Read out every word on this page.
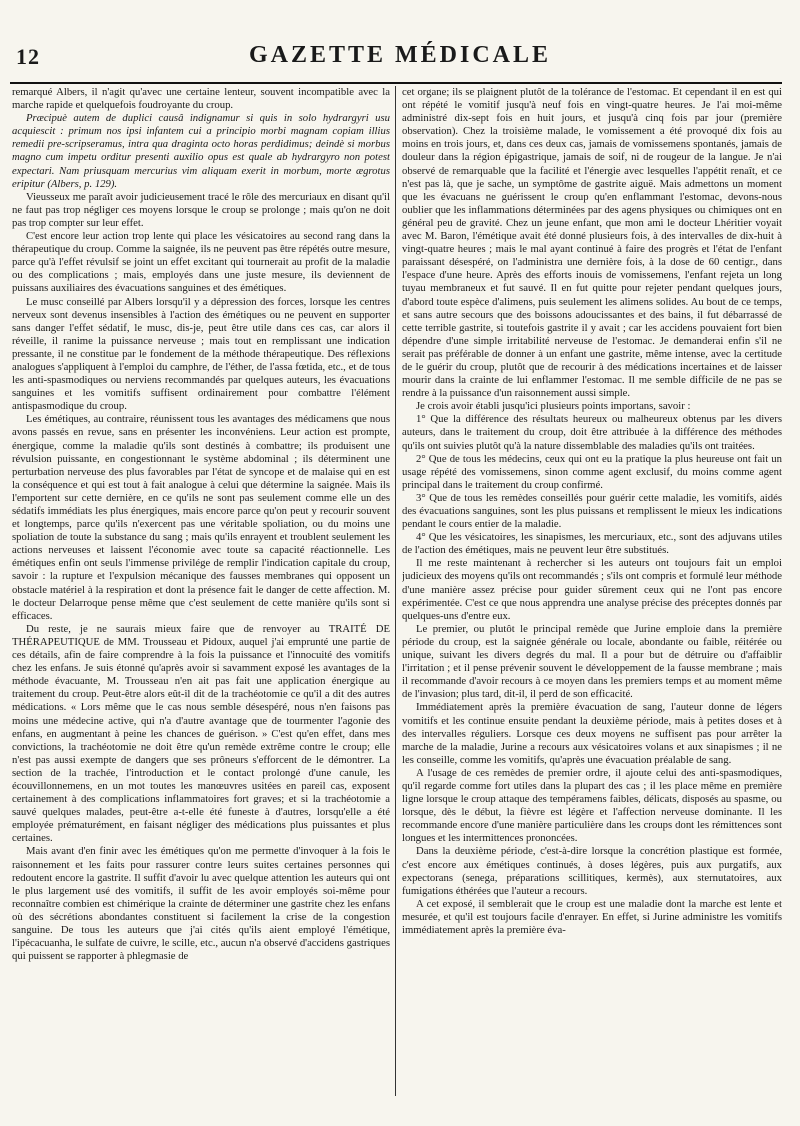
12	GAZETTE MÉDICALE

remarqué Albers, il n'agit qu'avec une certaine lenteur, souvent incompatible avec la marche rapide et quelquefois foudroyante du croup.

Præcipuè autem de duplici causâ indignamur si quis in solo hydrargyri usu acquiescit : primum nos ipsi infantem cui a principio morbi magnam copiam illius remedii pre-scripseramus, intra qua draginta octo horas perdidimus; deindè si morbus magno cum impetu orditur presenti auxilio opus est quale ab hydrargyro non potest expectari. Nam priusquam mercurius vim aliquam exerit in morbum, morte ægrotus eripitur (Albers, p. 129).

Vieusseux me paraît avoir judicieusement tracé le rôle des mercuriaux en disant qu'il ne faut pas trop négliger ces moyens lorsque le croup se prolonge ; mais qu'on ne doit pas trop compter sur leur effet.

C'est encore leur action trop lente qui place les vésicatoires au second rang dans la thérapeutique du croup. Comme la saignée, ils ne peuvent pas être répétés outre mesure, parce qu'à l'effet révulsif se joint un effet excitant qui tournerait au profit de la maladie ou des complications ; mais, employés dans une juste mesure, ils deviennent de puissans auxiliaires des évacuations sanguines et des émétiques.

Le musc conseillé par Albers lorsqu'il y a dépression des forces, lorsque les centres nerveux sont devenus insensibles à l'action des émétiques ou ne peuvent en supporter sans danger l'effet sédatif, le musc, dis-je, peut être utile dans ces cas, car alors il réveille, il ranime la puissance nerveuse ; mais tout en remplissant une indication pressante, il ne constitue par le fondement de la méthode thérapeutique. Des réflexions analogues s'appliquent à l'emploi du camphre, de l'éther, de l'assa fœtida, etc., et de tous les anti-spasmodiques ou nerviens recommandés par quelques auteurs, les évacuations sanguines et les vomitifs suffisent ordinairement pour combattre l'élément antispasmodique du croup.

Les émétiques, au contraire, réunissent tous les avantages des médicamens que nous avons passés en revue, sans en présenter les inconvéniens. Leur action est prompte, énergique, comme la maladie qu'ils sont destinés à combattre; ils produisent une révulsion puissante, en congestionnant le système abdominal ; ils déterminent une perturbation nerveuse des plus favorables par l'état de syncope et de malaise qui en est la conséquence et qui est tout à fait analogue à celui que détermine la saignée. Mais ils l'emportent sur cette dernière, en ce qu'ils ne sont pas seulement comme elle un des sédatifs immédiats les plus énergiques, mais encore parce qu'on peut y recourir souvent et longtemps, parce qu'ils n'exercent pas une véritable spoliation, ou du moins une spoliation de toute la substance du sang ; mais qu'ils enrayent et troublent seulement les actions nerveuses et laissent l'économie avec toute sa capacité réactionnelle. Les émétiques enfin ont seuls l'immense privilége de remplir l'indication capitale du croup, savoir : la rupture et l'expulsion mécanique des fausses membranes qui opposent un obstacle matériel à la respiration et dont la présence fait le danger de cette affection. M. le docteur Delarroque pense même que c'est seulement de cette manière qu'ils sont si efficaces.

Du reste, je ne saurais mieux faire que de renvoyer au TRAITÉ DE THÉRAPEUTIQUE de MM. Trousseau et Pidoux, auquel j'ai emprunté une partie de ces détails, afin de faire comprendre à la fois la puissance et l'innocuité des vomitifs chez les enfans. Je suis étonné qu'après avoir si savamment exposé les avantages de la méthode évacuante, M. Trousseau n'en ait pas fait une application énergique au traitement du croup. Peut-être alors eût-il dit de la trachéotomie ce qu'il a dit des autres médications. « Lors même que le cas nous semble désespéré, nous n'en faisons pas moins une médecine active, qui n'a d'autre avantage que de tourmenter l'agonie des enfans, en augmentant à peine les chances de guérison. » C'est qu'en effet, dans mes convictions, la trachéotomie ne doit être qu'un remède extrême contre le croup; elle n'est pas aussi exempte de dangers que ses prôneurs s'efforcent de le démontrer. La section de la trachée, l'introduction et le contact prolongé d'une canule, les écouvillonnemens, en un mot toutes les manœuvres usitées en pareil cas, exposent certainement à des complications inflammatoires fort graves; et si la trachéotomie a sauvé quelques malades, peut-être a-t-elle été funeste à d'autres, lorsqu'elle a été employée prématurément, en faisant négliger des médications plus puissantes et plus certaines.

Mais avant d'en finir avec les émétiques qu'on me permette d'invoquer à la fois le raisonnement et les faits pour rassurer contre leurs suites certaines personnes qui redoutent encore la gastrite. Il suffit d'avoir lu avec quelque attention les auteurs qui ont le plus largement usé des vomitifs, il suffit de les avoir employés soi-même pour reconnaître combien est chimérique la crainte de déterminer une gastrite chez les enfans où des sécrétions abondantes constituent si facilement la crise de la congestion sanguine. De tous les auteurs que j'ai cités qu'ils aient employé l'émétique, l'ipécacuanha, le sulfate de cuivre, le scille, etc., aucun n'a observé d'accidens gastriques qui puissent se rapporter à phlegmasie de

cet organe; ils se plaignent plutôt de la tolérance de l'estomac. Et cependant il en est qui ont répété le vomitif jusqu'à neuf fois en vingt-quatre heures. Je l'ai moi-même administré dix-sept fois en huit jours, et jusqu'à cinq fois par jour (première observation). Chez la troisième malade, le vomissement a été provoqué dix fois au moins en trois jours, et, dans ces deux cas, jamais de vomissemens spontanés, jamais de douleur dans la région épigastrique, jamais de soif, ni de rougeur de la langue. Je n'ai observé de remarquable que la facilité et l'énergie avec lesquelles l'appétit renaît, et ce n'est pas là, que je sache, un symptôme de gastrite aiguë. Mais admettons un moment que les évacuans ne guérissent le croup qu'en enflammant l'estomac, devons-nous oublier que les inflammations déterminées par des agens physiques ou chimiques ont en général peu de gravité. Chez un jeune enfant, que mon ami le docteur Lhéritier voyait avec M. Baron, l'émétique avait été donné plusieurs fois, à des intervalles de dix-huit à vingt-quatre heures ; mais le mal ayant continué à faire des progrès et l'état de l'enfant paraissant désespéré, on l'administra une dernière fois, à la dose de 60 centigr., dans l'espace d'une heure. Après des efforts inouis de vomissemens, l'enfant rejeta un long tuyau membraneux et fut sauvé. Il en fut quitte pour rejeter pendant quelques jours, d'abord toute espèce d'alimens, puis seulement les alimens solides. Au bout de ce temps, et sans autre secours que des boissons adoucissantes et des bains, il fut débarrassé de cette terrible gastrite, si toutefois gastrite il y avait ; car les accidens pouvaient fort bien dépendre d'une simple irritabilité nerveuse de l'estomac. Je demanderai enfin s'il ne serait pas préférable de donner à un enfant une gastrite, même intense, avec la certitude de le guérir du croup, plutôt que de recourir à des médications incertaines et de laisser mourir dans la crainte de lui enflammer l'estomac. Il me semble difficile de ne pas se rendre à la puissance d'un raisonnement aussi simple.

Je crois avoir établi jusqu'ici plusieurs points importans, savoir :

1° Que la différence des résultats heureux ou malheureux obtenus par les divers auteurs, dans le traitement du croup, doit être attribuée à la différence des méthodes qu'ils ont suivies plutôt qu'à la nature dissemblable des maladies qu'ils ont traitées.

2° Que de tous les médecins, ceux qui ont eu la pratique la plus heureuse ont fait un usage répété des vomissemens, sinon comme agent exclusif, du moins comme agent principal dans le traitement du croup confirmé.

3° Que de tous les remèdes conseillés pour guérir cette maladie, les vomitifs, aidés des évacuations sanguines, sont les plus puissans et remplissent le mieux les indications pendant le cours entier de la maladie.

4° Que les vésicatoires, les sinapismes, les mercuriaux, etc., sont des adjuvans utiles de l'action des émétiques, mais ne peuvent leur être substitués.

Il me reste maintenant à rechercher si les auteurs ont toujours fait un emploi judicieux des moyens qu'ils ont recommandés ; s'ils ont compris et formulé leur méthode d'une manière assez précise pour guider sûrement ceux qui ne l'ont pas encore expérimentée. C'est ce que nous apprendra une analyse précise des préceptes donnés par quelques-uns d'entre eux.

Le premier, ou plutôt le principal remède que Jurine emploie dans la première période du croup, est la saignée générale ou locale, abondante ou faible, réitérée ou unique, suivant les divers degrés du mal. Il a pour but de détruire ou d'affaiblir l'irritation ; et il pense prévenir souvent le développement de la fausse membrane ; mais il recommande d'avoir recours à ce moyen dans les premiers temps et au moment même de l'invasion; plus tard, dit-il, il perd de son efficacité.

Immédiatement après la première évacuation de sang, l'auteur donne de légers vomitifs et les continue ensuite pendant la deuxième période, mais à petites doses et à des intervalles réguliers. Lorsque ces deux moyens ne suffisent pas pour arrêter la marche de la maladie, Jurine a recours aux vésicatoires volans et aux sinapismes ; il ne les conseille, comme les vomitifs, qu'après une évacuation préalable de sang.

A l'usage de ces remèdes de premier ordre, il ajoute celui des anti-spasmodiques, qu'il regarde comme fort utiles dans la plupart des cas ; il les place même en première ligne lorsque le croup attaque des tempéramens faibles, délicats, disposés au spasme, ou lorsque, dès le début, la fièvre est légère et l'affection nerveuse dominante. Il les recommande encore d'une manière particulière dans les croups dont les rémittences sont longues et les intermittences prononcées.

Dans la deuxième période, c'est-à-dire lorsque la concrétion plastique est formée, c'est encore aux émétiques continués, à doses légères, puis aux purgatifs, aux expectorans (senega, préparations scillitiques, kermès), aux sternutatoires, aux fumigations éthérées que l'auteur a recours.

A cet exposé, il semblerait que le croup est une maladie dont la marche est lente et mesurée, et qu'il est toujours facile d'enrayer. En effet, si Jurine administre les vomitifs immédiatement après la première éva-
